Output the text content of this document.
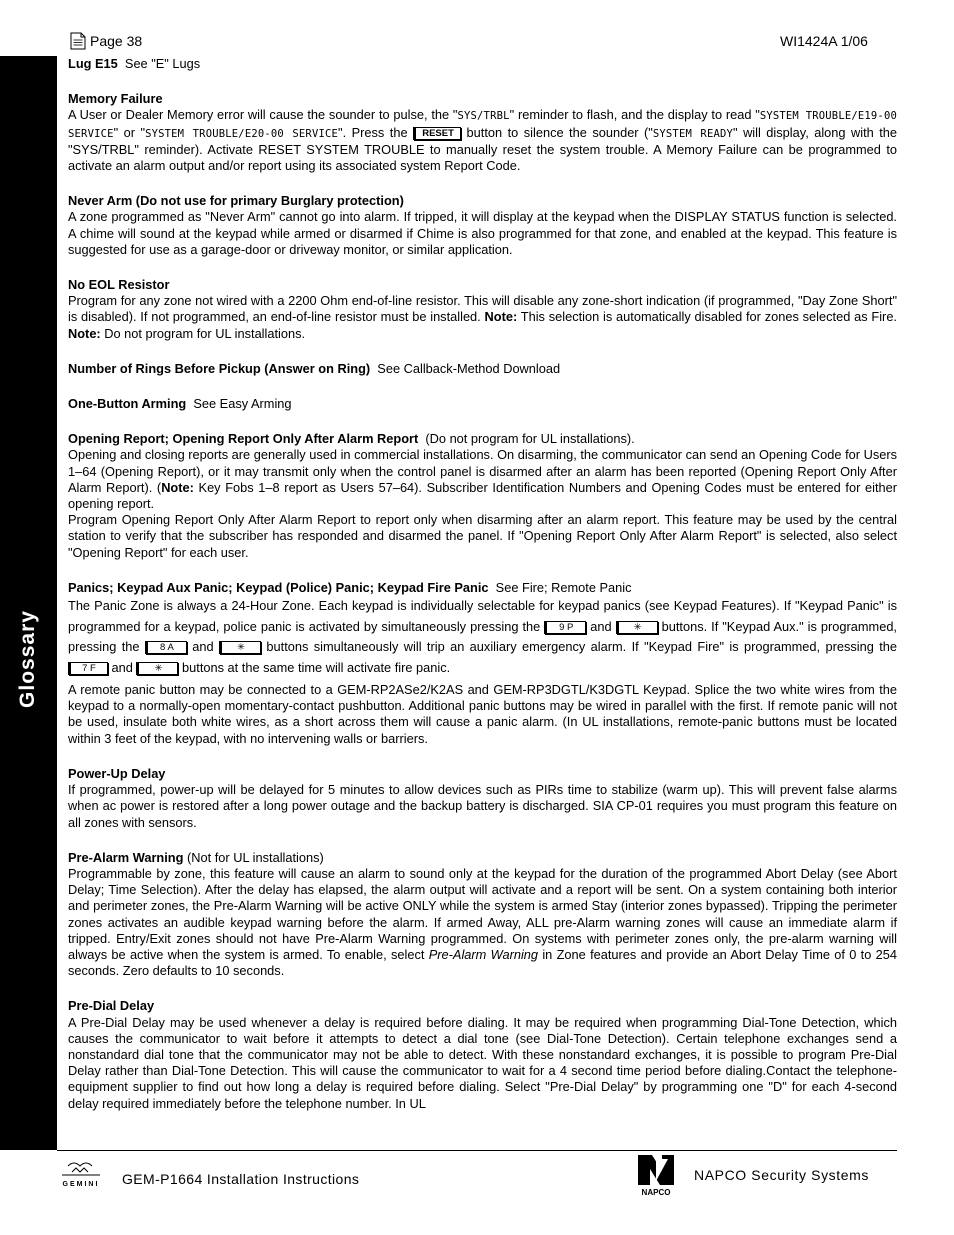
Page 38	WI1424A 1/06
Glossary

Lug E15 See "E" Lugs

Memory Failure

A User or Dealer Memory error will cause the sounder to pulse, the "SYS/TRBL" reminder to flash, and the display to read "SYSTEM TROUBLE/E19-00 SERVICE" or "SYSTEM TROUBLE/E20-00 SERVICE". Press the RESET button to silence the sounder ("SYSTEM READY" will display, along with the "SYS/TRBL" reminder). Activate RESET SYSTEM TROUBLE to manually reset the system trouble. A Memory Failure can be programmed to activate an alarm output and/or report using its associated system Report Code.

Never Arm (Do not use for primary Burglary protection)

A zone programmed as "Never Arm" cannot go into alarm. If tripped, it will display at the keypad when the DISPLAY STATUS function is selected. A chime will sound at the keypad while armed or disarmed if Chime is also programmed for that zone, and enabled at the keypad. This feature is suggested for use as a garage-door or driveway monitor, or similar application.

No EOL Resistor

Program for any zone not wired with a 2200 Ohm end-of-line resistor. This will disable any zone-short indication (if programmed, "Day Zone Short" is disabled). If not programmed, an end-of-line resistor must be installed. Note: This selection is automatically disabled for zones selected as Fire. Note: Do not program for UL installations.

Number of Rings Before Pickup (Answer on Ring) See Callback-Method Download

One-Button Arming See Easy Arming

Opening Report; Opening Report Only After Alarm Report (Do not program for UL installations).

Opening and closing reports are generally used in commercial installations. On disarming, the communicator can send an Opening Code for Users 1–64 (Opening Report), or it may transmit only when the control panel is disarmed after an alarm has been reported (Opening Report Only After Alarm Report). (Note: Key Fobs 1–8 report as Users 57–64). Subscriber Identification Numbers and Opening Codes must be entered for either opening report.

Program Opening Report Only After Alarm Report to report only when disarming after an alarm report. This feature may be used by the central station to verify that the subscriber has responded and disarmed the panel. If "Opening Report Only After Alarm Report" is selected, also select "Opening Report" for each user.

Panics; Keypad Aux Panic; Keypad (Police) Panic; Keypad Fire Panic See Fire; Remote Panic

The Panic Zone is always a 24-Hour Zone. Each keypad is individually selectable for keypad panics (see Keypad Features). If "Keypad Panic" is programmed for a keypad, police panic is activated by simultaneously pressing the 9 P and ✳ buttons. If "Keypad Aux." is programmed, pressing the 8 A and ✳ buttons simultaneously will trip an auxiliary emergency alarm. If "Keypad Fire" is programmed, pressing the 7 F and ✳ buttons at the same time will activate fire panic.

A remote panic button may be connected to a GEM-RP2ASe2/K2AS and GEM-RP3DGTL/K3DGTL Keypad. Splice the two white wires from the keypad to a normally-open momentary-contact pushbutton. Additional panic buttons may be wired in parallel with the first. If remote panic will not be used, insulate both white wires, as a short across them will cause a panic alarm. (In UL installations, remote-panic buttons must be located within 3 feet of the keypad, with no intervening walls or barriers.

Power-Up Delay

If programmed, power-up will be delayed for 5 minutes to allow devices such as PIRs time to stabilize (warm up). This will prevent false alarms when ac power is restored after a long power outage and the backup battery is discharged. SIA CP-01 requires you must program this feature on all zones with sensors.

Pre-Alarm Warning (Not for UL installations)

Programmable by zone, this feature will cause an alarm to sound only at the keypad for the duration of the programmed Abort Delay (see Abort Delay; Time Selection). After the delay has elapsed, the alarm output will activate and a report will be sent. On a system containing both interior and perimeter zones, the Pre-Alarm Warning will be active ONLY while the system is armed Stay (interior zones bypassed). Tripping the perimeter zones activates an audible keypad warning before the alarm. If armed Away, ALL pre-Alarm warning zones will cause an immediate alarm if tripped. Entry/Exit zones should not have Pre-Alarm Warning programmed. On systems with perimeter zones only, the pre-alarm warning will always be active when the system is armed. To enable, select Pre-Alarm Warning in Zone features and provide an Abort Delay Time of 0 to 254 seconds. Zero defaults to 10 seconds.

Pre-Dial Delay

A Pre-Dial Delay may be used whenever a delay is required before dialing. It may be required when programming Dial-Tone Detection, which causes the communicator to wait before it attempts to detect a dial tone (see Dial-Tone Detection). Certain telephone exchanges send a nonstandard dial tone that the communicator may not be able to detect. With these nonstandard exchanges, it is possible to program Pre-Dial Delay rather than Dial-Tone Detection. This will cause the communicator to wait for a 4 second time period before dialing.Contact the telephone-equipment supplier to find out how long a delay is required before dialing. Select "Pre-Dial Delay" by programming one "D" for each 4-second delay required immediately before the telephone number. In UL

GEMINI GEM-P1664 Installation Instructions
NAPCO
NAPCO Security Systems
